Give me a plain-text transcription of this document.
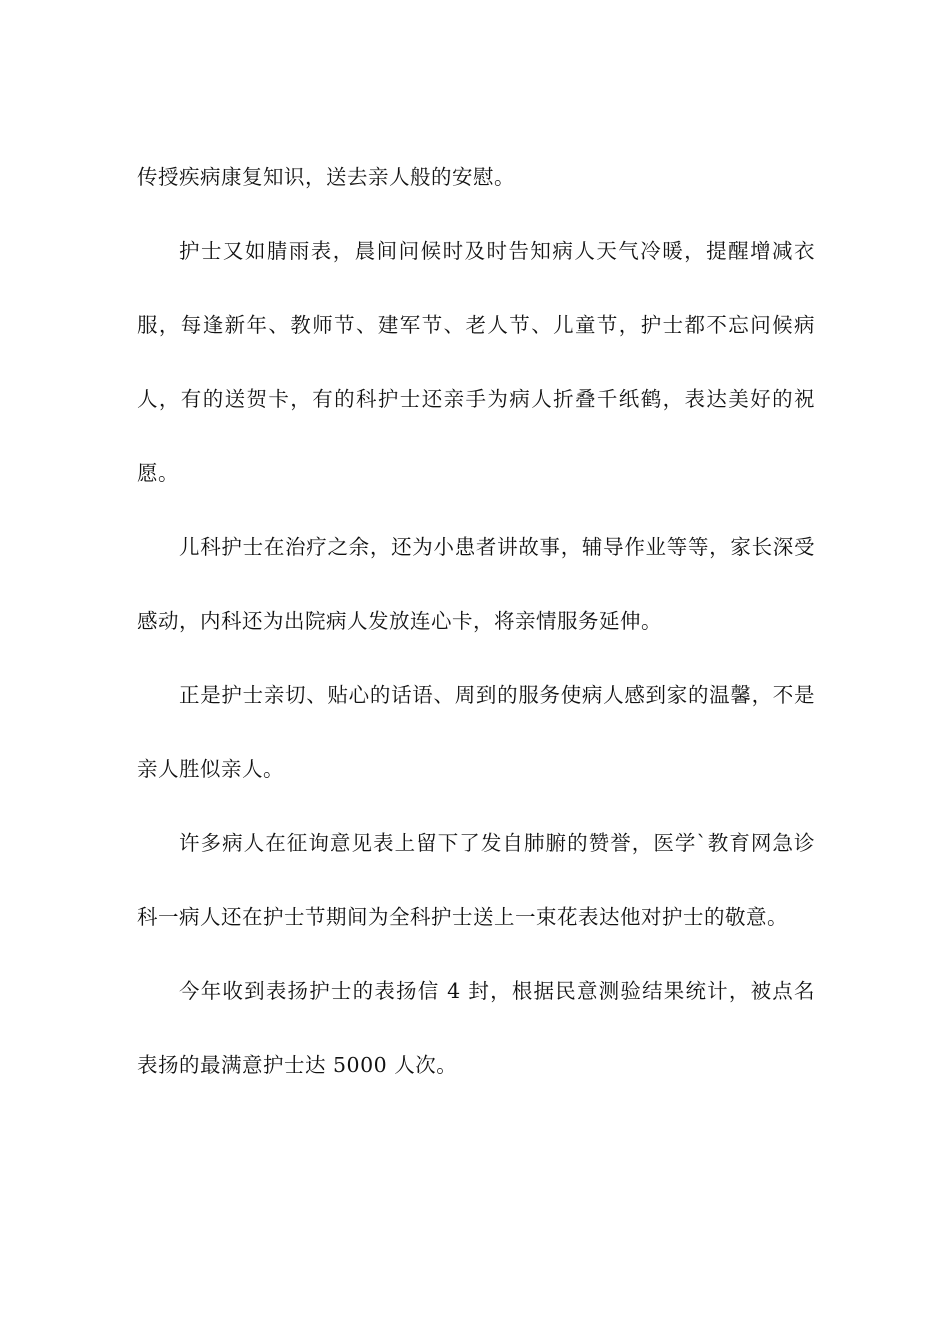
传授疾病康复知识，送去亲人般的安慰。

护士又如腈雨表，晨间问候时及时告知病人天气冷暖，提醒增减衣服，每逢新年、教师节、建军节、老人节、儿童节，护士都不忘问候病人，有的送贺卡，有的科护士还亲手为病人折叠千纸鹤，表达美好的祝愿。

儿科护士在治疗之余，还为小患者讲故事，辅导作业等等，家长深受感动，内科还为出院病人发放连心卡，将亲情服务延伸。

正是护士亲切、贴心的话语、周到的服务使病人感到家的温馨，不是亲人胜似亲人。

许多病人在征询意见表上留下了发自肺腑的赞誉，医学`教育网急诊科一病人还在护士节期间为全科护士送上一束花表达他对护士的敬意。

今年收到表扬护士的表扬信 4 封，根据民意测验结果统计，被点名表扬的最满意护士达 5000 人次。
